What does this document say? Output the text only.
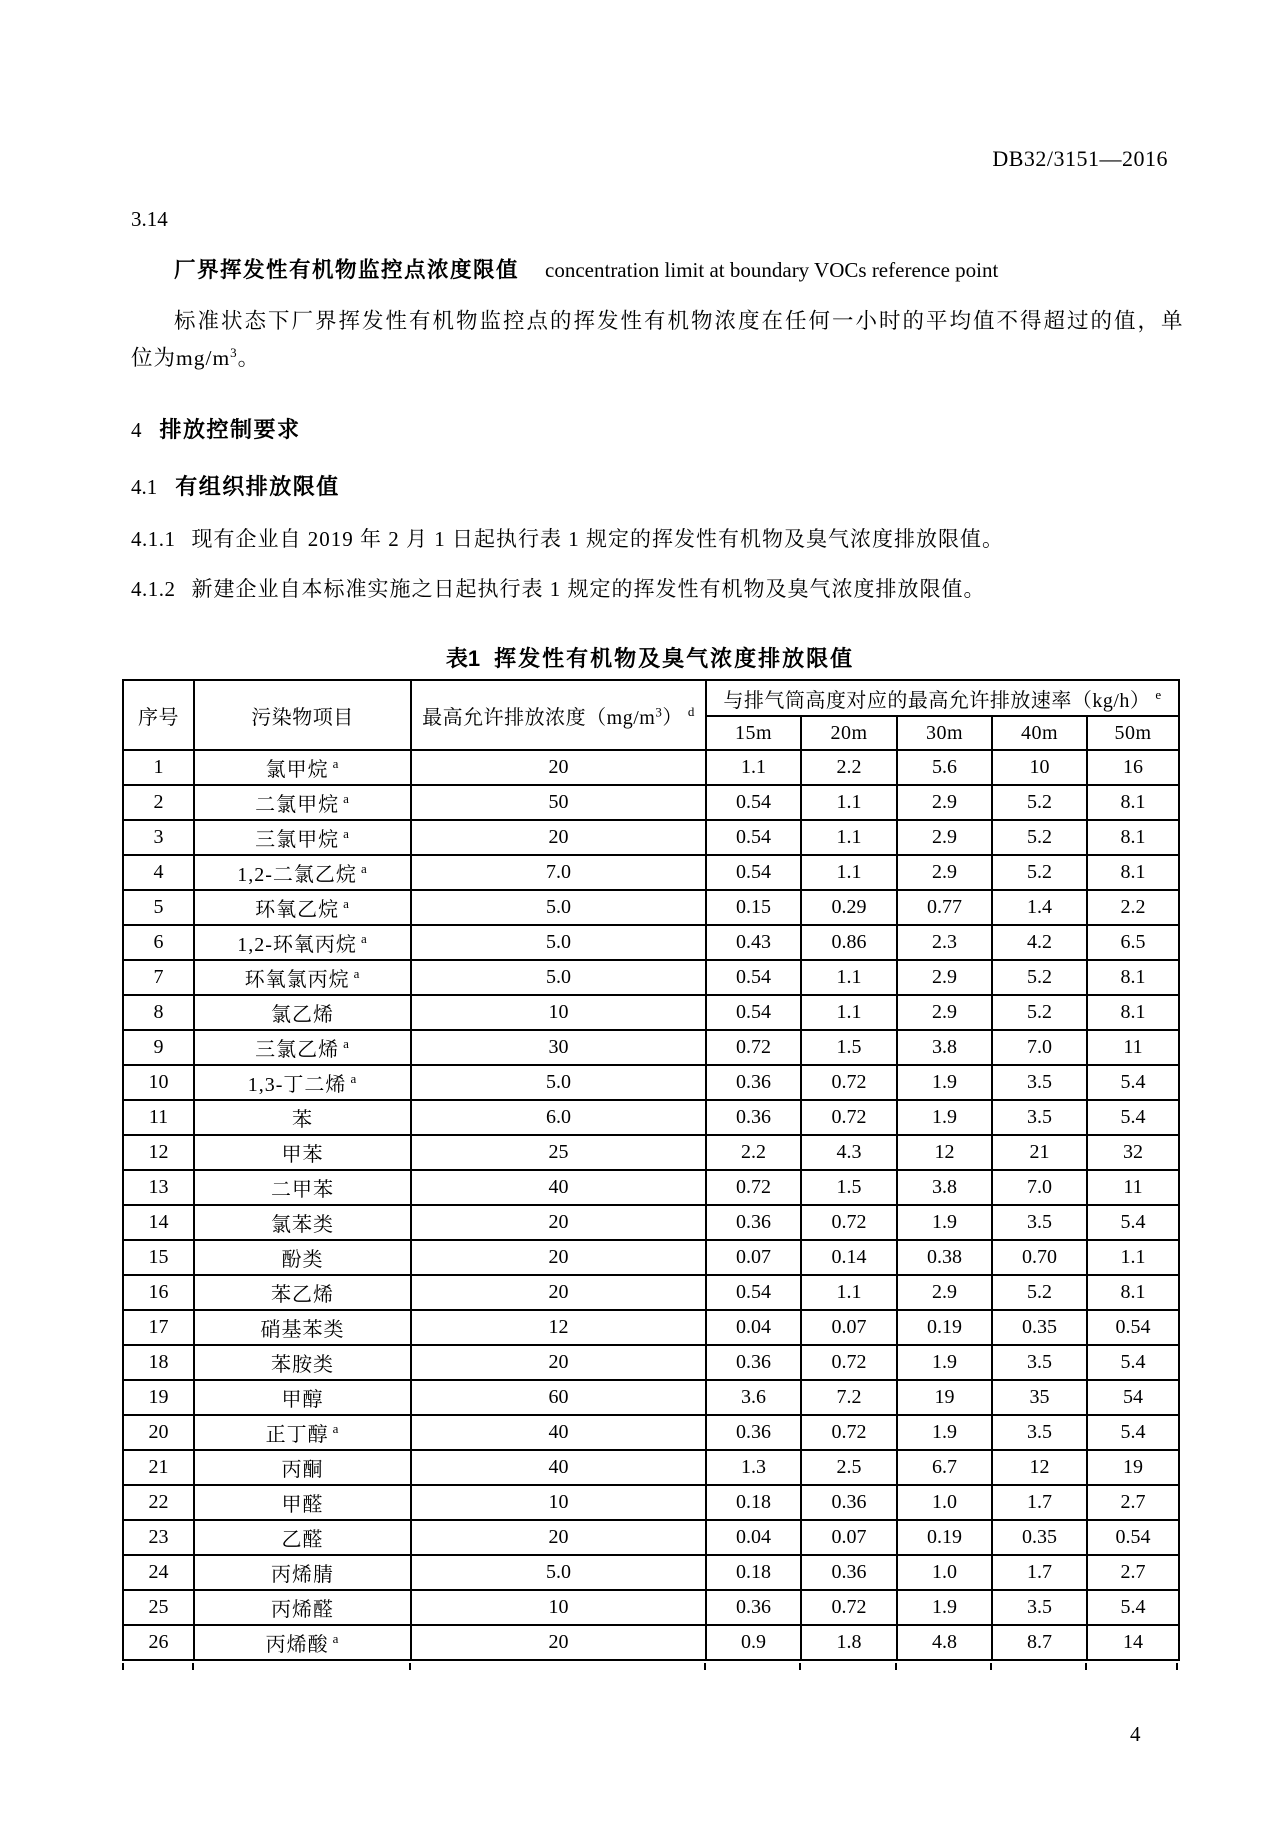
DB32/3151—2016
3.14
厂界挥发性有机物监控点浓度限值 concentration limit at boundary VOCs reference point
标准状态下厂界挥发性有机物监控点的挥发性有机物浓度在任何一小时的平均值不得超过的值，单
位为$mg/m^3$。
4 排放控制要求
4.1 有组织排放限值
4.1.1 现有企业自 2019 年 2 月 1 日起执行表 1 规定的挥发性有机物及臭气浓度排放限值。
4.1.2 新建企业自本标准实施之日起执行表 1 规定的挥发性有机物及臭气浓度排放限值。
表1 挥发性有机物及臭气浓度排放限值
序号	污染物项目	最高允许排放浓度$(mg/m^3)$ $^d$	与排气筒高度对应的最高允许排放速率（kg/h） $^e$
			15m	20m	30m	40m	50m
1	氯甲烷 $^a$	20	1.1	2.2	5.6	10	16
2	二氯甲烷 $^a$	50	0.54	1.1	2.9	5.2	8.1
3	三氯甲烷 $^a$	20	0.54	1.1	2.9	5.2	8.1
4	1,2-二氯乙烷 $^a$	7.0	0.54	1.1	2.9	5.2	8.1
5	环氧乙烷 $^a$	5.0	0.15	0.29	0.77	1.4	2.2
6	1,2-环氧丙烷 $^a$	5.0	0.43	0.86	2.3	4.2	6.5
7	环氧氯丙烷 $^a$	5.0	0.54	1.1	2.9	5.2	8.1
8	氯乙烯	10	0.54	1.1	2.9	5.2	8.1
9	三氯乙烯 $^a$	30	0.72	1.5	3.8	7.0	11
10	1,3-丁二烯 $^a$	5.0	0.36	0.72	1.9	3.5	5.4
11	苯	6.0	0.36	0.72	1.9	3.5	5.4
12	甲苯	25	2.2	4.3	12	21	32
13	二甲苯	40	0.72	1.5	3.8	7.0	11
14	氯苯类	20	0.36	0.72	1.9	3.5	5.4
15	酚类	20	0.07	0.14	0.38	0.70	1.1
16	苯乙烯	20	0.54	1.1	2.9	5.2	8.1
17	硝基苯类	12	0.04	0.07	0.19	0.35	0.54
18	苯胺类	20	0.36	0.72	1.9	3.5	5.4
19	甲醇	60	3.6	7.2	19	35	54
20	正丁醇 $^a$	40	0.36	0.72	1.9	3.5	5.4
21	丙酮	40	1.3	2.5	6.7	12	19
22	甲醛	10	0.18	0.36	1.0	1.7	2.7
23	乙醛	20	0.04	0.07	0.19	0.35	0.54
24	丙烯腈	5.0	0.18	0.36	1.0	1.7	2.7
25	丙烯醛	10	0.36	0.72	1.9	3.5	5.4
26	丙烯酸 $^a$	20	0.9	1.8	4.8	8.7	14
4
